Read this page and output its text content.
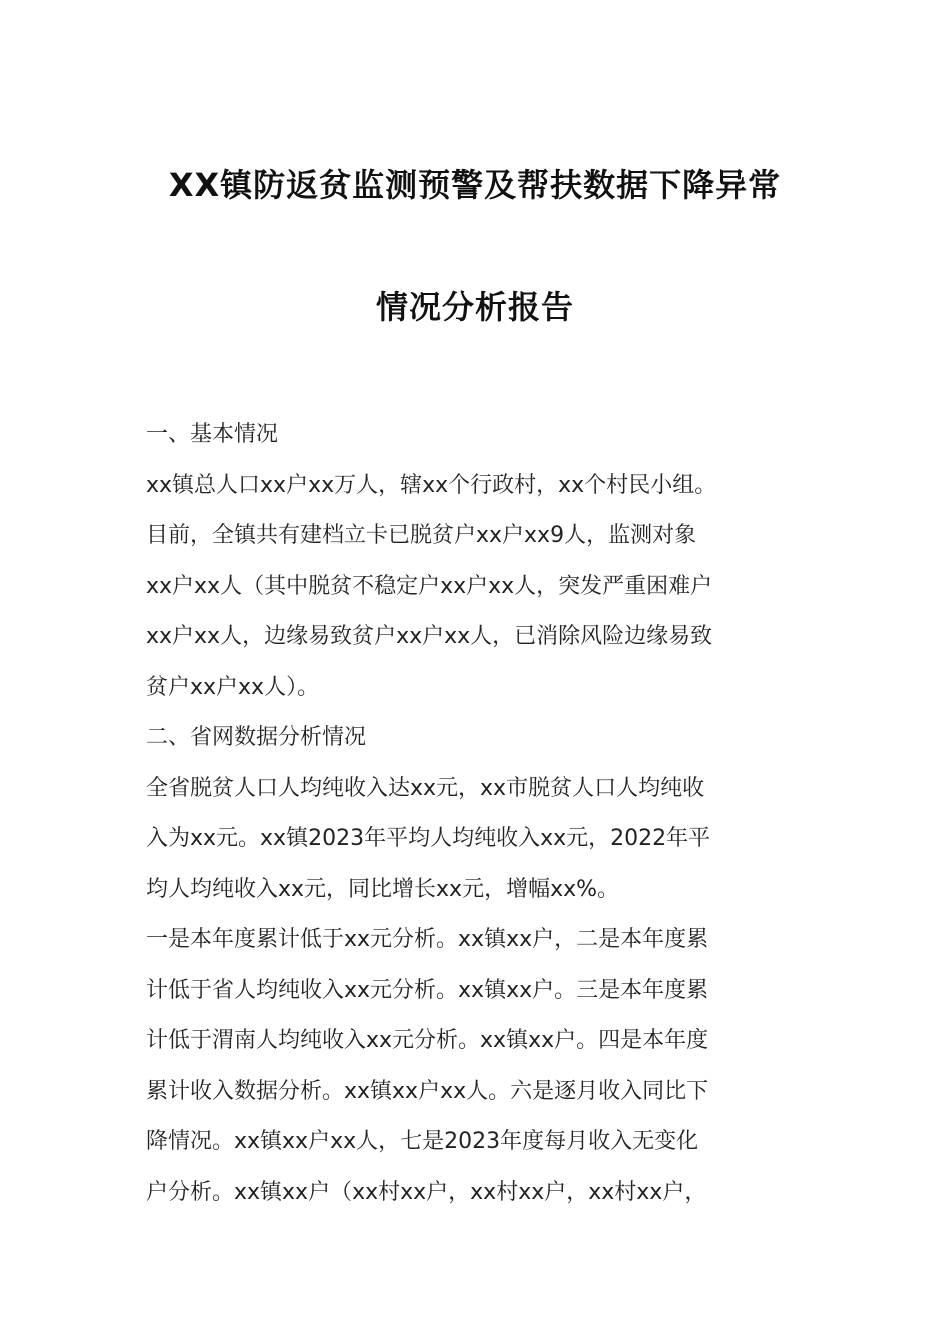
XX镇防返贫监测预警及帮扶数据下降异常
情况分析报告
一、基本情况
xx镇总人口xx户xx万人，辖xx个行政村，xx个村民小组。
目前，全镇共有建档立卡已脱贫户xx户xx9人，监测对象
xx户xx人（其中脱贫不稳定户xx户xx人，突发严重困难户
xx户xx人，边缘易致贫户xx户xx人，已消除风险边缘易致
贫户xx户xx人）。
二、省网数据分析情况
全省脱贫人口人均纯收入达xx元，xx市脱贫人口人均纯收
入为xx元。xx镇2023年平均人均纯收入xx元，2022年平
均人均纯收入xx元，同比增长xx元，增幅xx%。
一是本年度累计低于xx元分析。xx镇xx户，二是本年度累
计低于省人均纯收入xx元分析。xx镇xx户。三是本年度累
计低于渭南人均纯收入xx元分析。xx镇xx户。四是本年度
累计收入数据分析。xx镇xx户xx人。六是逐月收入同比下
降情况。xx镇xx户xx人，七是2023年度每月收入无变化
户分析。xx镇xx户（xx村xx户，xx村xx户，xx村xx户，
